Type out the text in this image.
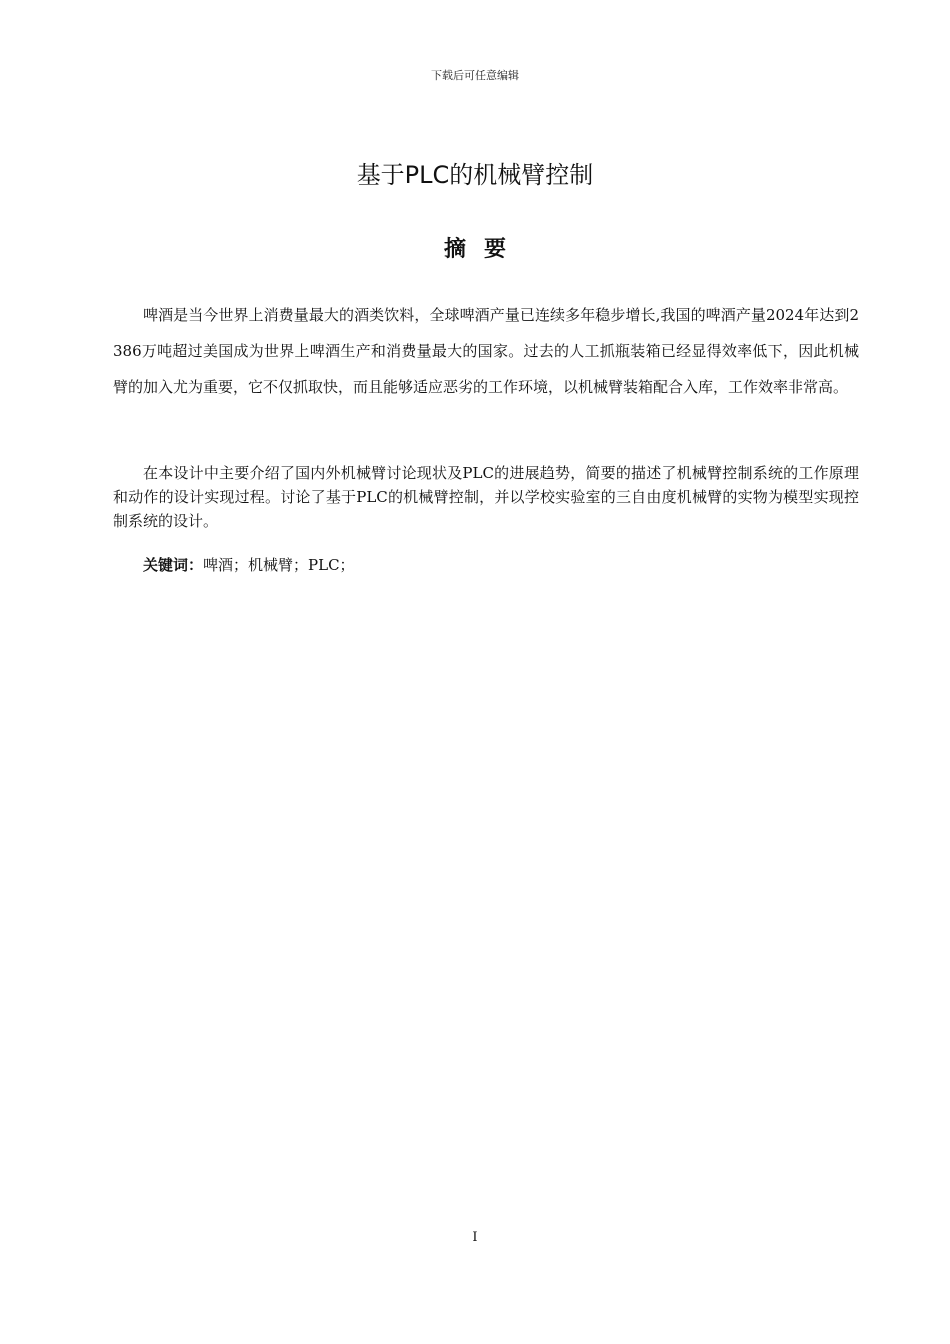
下载后可任意编辑
基于PLC的机械臂控制
摘要

啤酒是当今世界上消费量最大的酒类饮料，全球啤酒产量已连续多年稳步增长,我国的啤酒产量2024年达到2386万吨超过美国成为世界上啤酒生产和消费量最大的国家。过去的人工抓瓶装箱已经显得效率低下，因此机械臂的加入尤为重要，它不仅抓取快，而且能够适应恶劣的工作环境，以机械臂装箱配合入库，工作效率非常高。

在本设计中主要介绍了国内外机械臂讨论现状及PLC的进展趋势，简要的描述了机械臂控制系统的工作原理和动作的设计实现过程。讨论了基于PLC的机械臂控制，并以学校实验室的三自由度机械臂的实物为模型实现控制系统的设计。

关键词：啤酒；机械臂；PLC；

I
